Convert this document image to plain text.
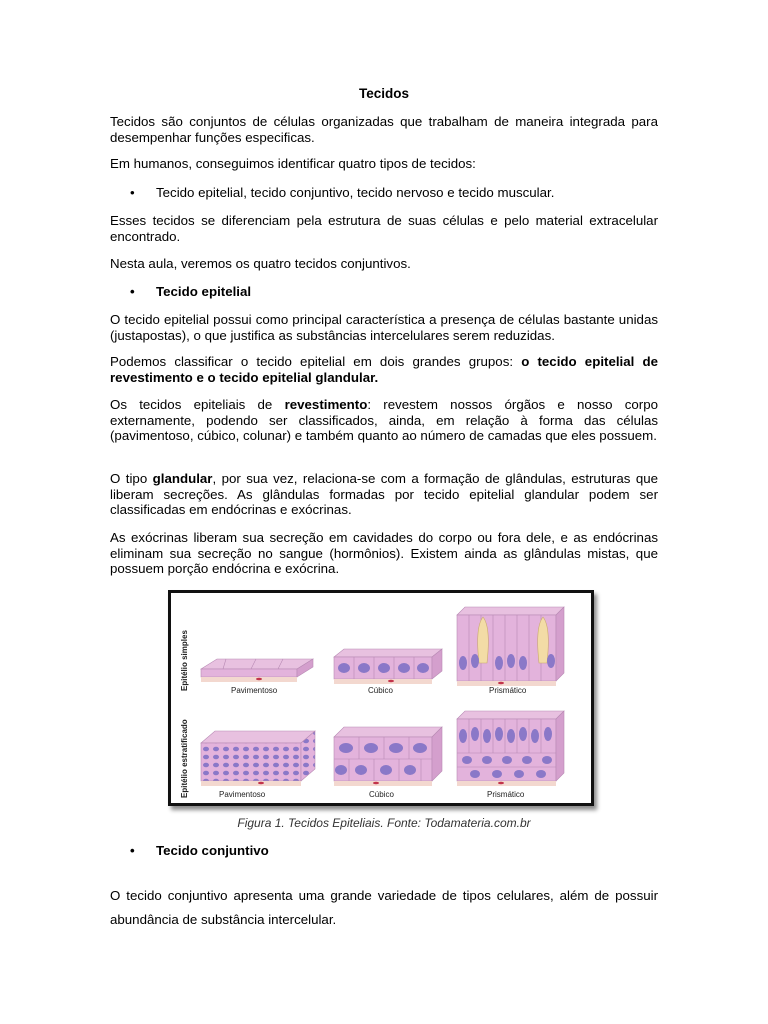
Tecidos
Tecidos são conjuntos de células organizadas que trabalham de maneira integrada para desempenhar funções especificas.
Em humanos, conseguimos identificar quatro tipos de tecidos:
• Tecido epitelial, tecido conjuntivo, tecido nervoso e tecido muscular.
Esses tecidos se diferenciam pela estrutura de suas células e pelo material extracelular encontrado.
Nesta aula, veremos os quatro tecidos conjuntivos.
• Tecido epitelial
O tecido epitelial possui como principal característica a presença de células bastante unidas (justapostas), o que justifica as substâncias intercelulares serem reduzidas.
Podemos classificar o tecido epitelial em dois grandes grupos: o tecido epitelial de revestimento e o tecido epitelial glandular.
Os tecidos epiteliais de revestimento: revestem nossos órgãos e nosso corpo externamente, podendo ser classificados, ainda, em relação à forma das células (pavimentoso, cúbico, colunar) e também quanto ao número de camadas que eles possuem.
O tipo glandular, por sua vez, relaciona-se com a formação de glândulas, estruturas que liberam secreções. As glândulas formadas por tecido epitelial glandular podem ser classificadas em endócrinas e exócrinas.
As exócrinas liberam sua secreção em cavidades do corpo ou fora dele, e as endócrinas eliminam sua secreção no sangue (hormônios). Existem ainda as glândulas mistas, que possuem porção endócrina e exócrina.
Epitélio simples
Epitélio estratificado
Pavimentoso	Cúbico	Prismático
Pavimentoso	Cúbico	Prismático
Figura 1. Tecidos Epiteliais. Fonte: Todamateria.com.br
• Tecido conjuntivo
O tecido conjuntivo apresenta uma grande variedade de tipos celulares, além de possuir abundância de substância intercelular.
